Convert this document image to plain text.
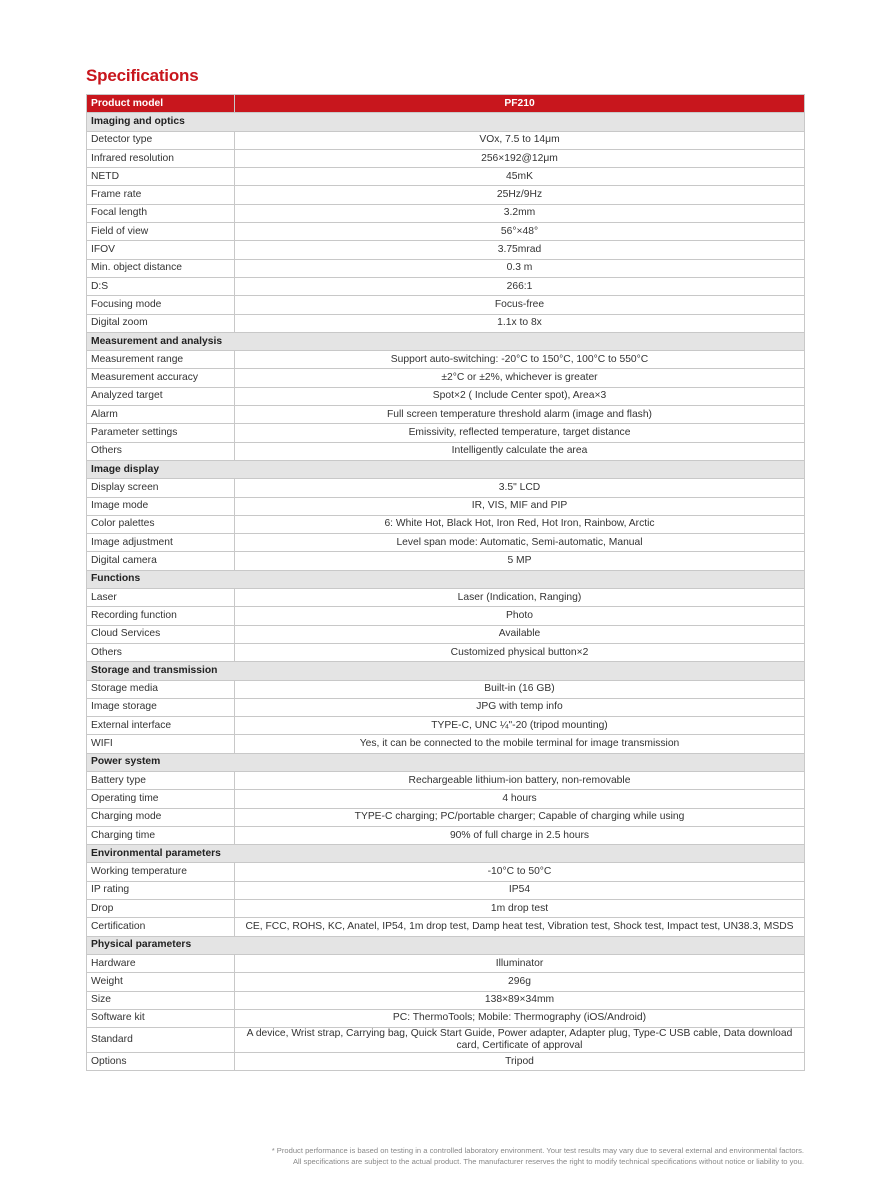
Specifications
Product model	PF210
Imaging and optics	
Detector type	VOx, 7.5 to 14μm
Infrared resolution	256×192@12μm
NETD	45mK
Frame rate	25Hz/9Hz
Focal length	3.2mm
Field of view	56°×48°
IFOV	3.75mrad
Min. object distance	0.3 m
D:S	266:1
Focusing mode	Focus-free
Digital zoom	1.1x to 8x
Measurement and analysis	
Measurement range	Support auto-switching: -20°C to 150°C, 100°C to 550°C
Measurement accuracy	±2°C or ±2%, whichever is greater
Analyzed target	Spot×2 ( Include Center spot), Area×3
Alarm	Full screen temperature threshold alarm (image and flash)
Parameter settings	Emissivity, reflected temperature, target distance
Others	Intelligently calculate the area
Image display	
Display screen	3.5" LCD
Image mode	IR, VIS, MIF and PIP
Color palettes	6: White Hot, Black Hot, Iron Red, Hot Iron, Rainbow, Arctic
Image adjustment	Level span mode: Automatic, Semi-automatic, Manual
Digital camera	5 MP
Functions	
Laser	Laser (Indication, Ranging)
Recording function	Photo
Cloud Services	Available
Others	Customized physical button×2
Storage and transmission	
Storage media	Built-in (16 GB)
Image storage	JPG with temp info
External interface	TYPE-C, UNC ¼"-20 (tripod mounting)
WIFI	Yes, it can be connected to the mobile terminal for image transmission
Power system	
Battery type	Rechargeable lithium-ion battery, non-removable
Operating time	4 hours
Charging mode	TYPE-C charging; PC/portable charger; Capable of charging while using
Charging time	90% of full charge in 2.5 hours
Environmental parameters	
Working temperature	-10°C to 50°C
IP rating	IP54
Drop	1m drop test
Certification	CE, FCC, ROHS, KC, Anatel, IP54, 1m drop test, Damp heat test, Vibration test, Shock test, Impact test, UN38.3, MSDS
Physical parameters	
Hardware	Illuminator
Weight	296g
Size	138×89×34mm
Software kit	PC: ThermoTools; Mobile: Thermography (iOS/Android)
Standard	A device, Wrist strap, Carrying bag, Quick Start Guide, Power adapter, Adapter plug, Type-C USB cable, Data download card, Certificate of approval
Options	Tripod
* Product performance is based on testing in a controlled laboratory environment. Your test results may vary due to several external and environmental factors.
All specifications are subject to the actual product. The manufacturer reserves the right to modify technical specifications without notice or liability to you.
